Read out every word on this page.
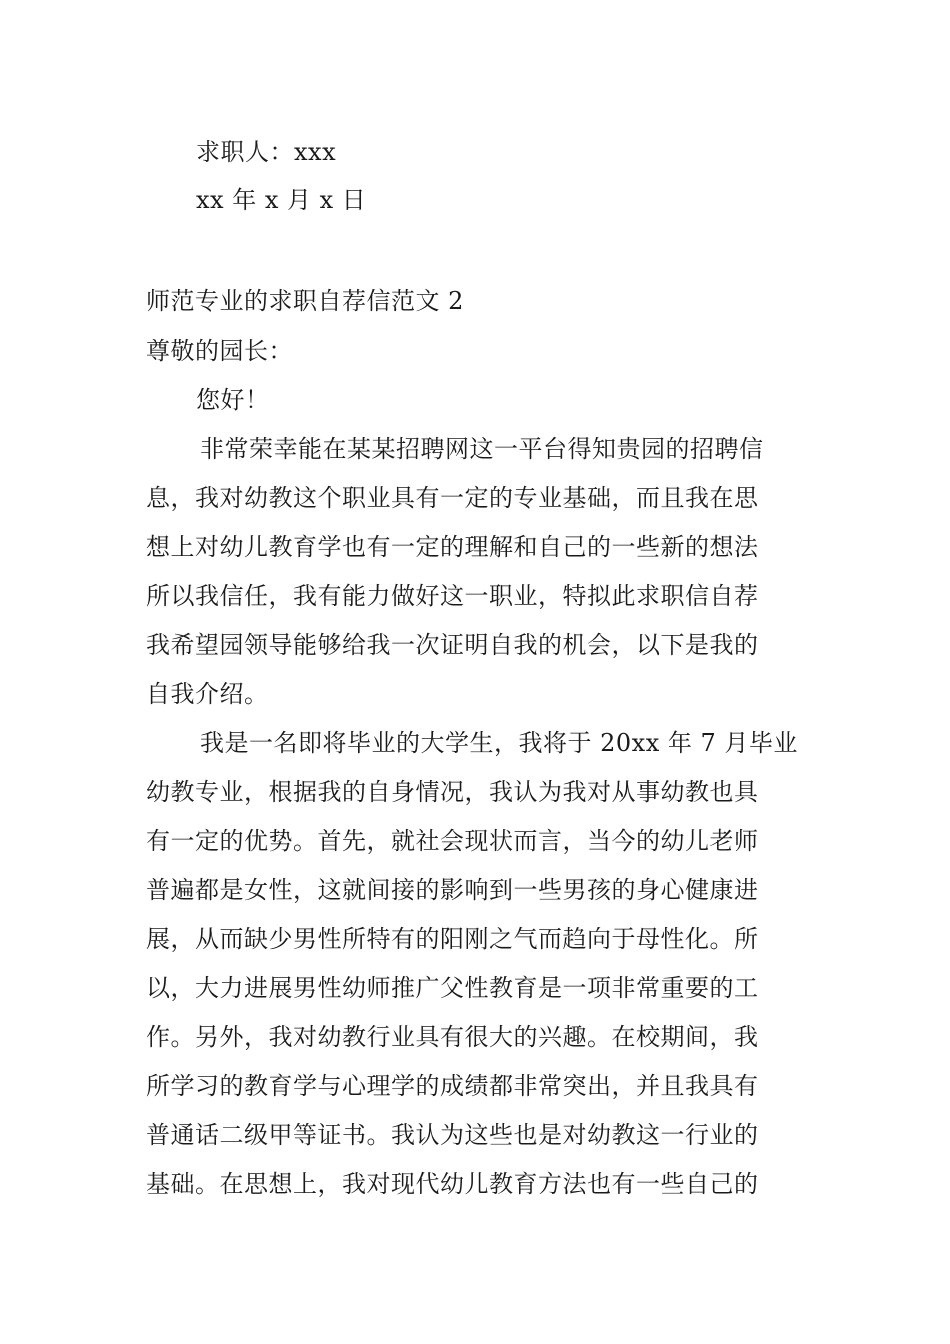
求职人：xxx
xx 年 x 月 x 日
师范专业的求职自荐信范文 2
尊敬的园长：
您好！
非常荣幸能在某某招聘网这一平台得知贵园的招聘信
息，我对幼教这个职业具有一定的专业基础，而且我在思
想上对幼儿教育学也有一定的理解和自己的一些新的想法
所以我信任，我有能力做好这一职业，特拟此求职信自荐
我希望园领导能够给我一次证明自我的机会，以下是我的
自我介绍。
我是一名即将毕业的大学生，我将于 20xx 年 7 月毕业
幼教专业，根据我的自身情况，我认为我对从事幼教也具
有一定的优势。首先，就社会现状而言，当今的幼儿老师
普遍都是女性，这就间接的影响到一些男孩的身心健康进
展，从而缺少男性所特有的阳刚之气而趋向于母性化。所
以，大力进展男性幼师推广父性教育是一项非常重要的工
作。另外，我对幼教行业具有很大的兴趣。在校期间，我
所学习的教育学与心理学的成绩都非常突出，并且我具有
普通话二级甲等证书。我认为这些也是对幼教这一行业的
基础。在思想上，我对现代幼儿教育方法也有一些自己的
